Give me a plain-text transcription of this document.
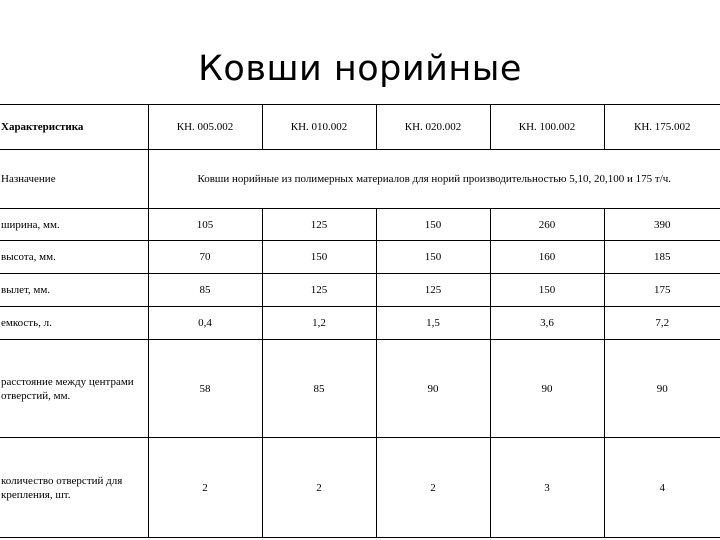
Ковши норийные
Характеристика	КН. 005.002	КН. 010.002	КН. 020.002	КН. 100.002	КН. 175.002
Назначение	Ковши норийные из полимерных материалов для норий производительностью 5,10, 20,100 и 175 т/ч.				
ширина, мм.	105	125	150	260	390
высота, мм.	70	150	150	160	185
вылет, мм.	85	125	125	150	175
емкость, л.	0,4	1,2	1,5	3,6	7,2
расстояние между центрами отверстий, мм.	58	85	90	90	90
количество отверстий для крепления, шт.	2	2	2	3	4
